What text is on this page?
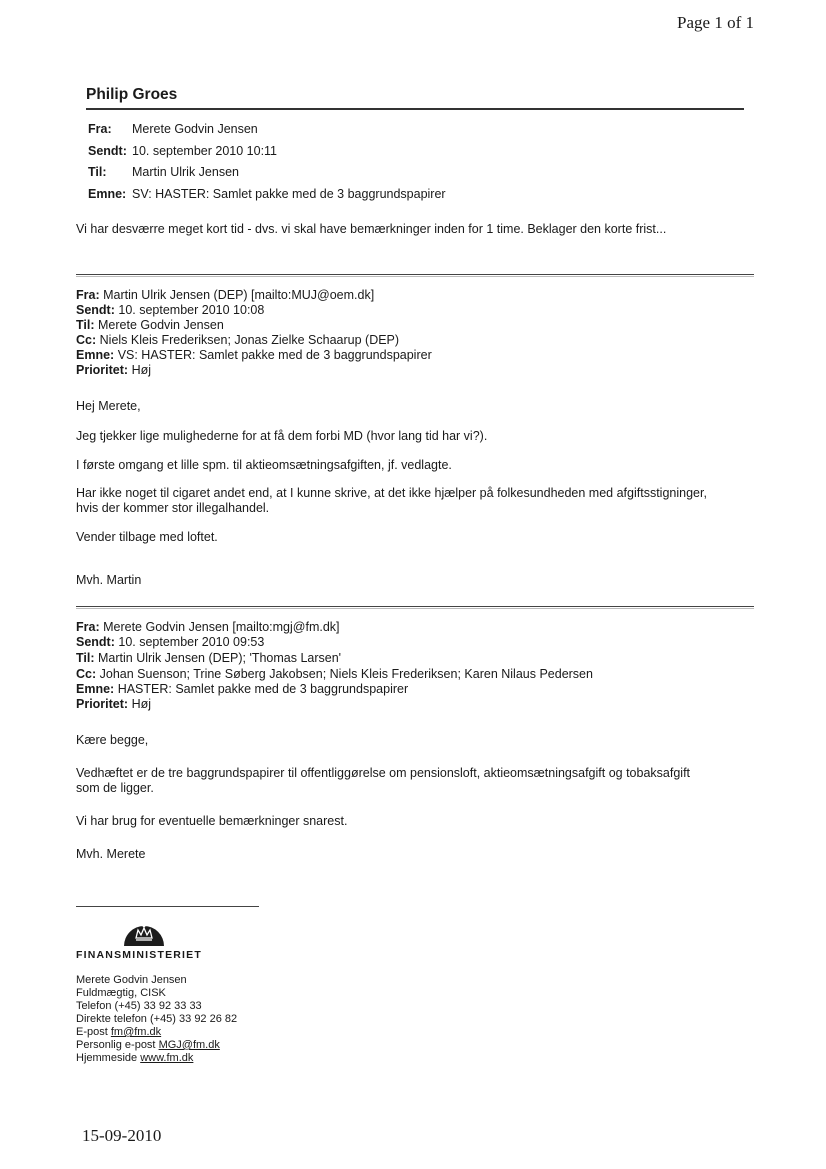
Page 1 of 1
Philip Groes
Fra:	Merete Godvin Jensen
Sendt: 10. september 2010 10:11
Til:	Martin Ulrik Jensen
Emne: SV: HASTER: Samlet pakke med de 3 baggrundspapirer
Vi har desværre meget kort tid - dvs. vi skal have bemærkninger inden for 1 time. Beklager den korte frist...
Fra: Martin Ulrik Jensen (DEP) [mailto:MUJ@oem.dk]
Sendt: 10. september 2010 10:08
Til: Merete Godvin Jensen
Cc: Niels Kleis Frederiksen; Jonas Zielke Schaarup (DEP)
Emne: VS: HASTER: Samlet pakke med de 3 baggrundspapirer
Prioritet: Høj
Hej Merete,
Jeg tjekker lige mulighederne for at få dem forbi MD (hvor lang tid har vi?).
I første omgang et lille spm. til aktieomsætningsafgiften, jf. vedlagte.
Har ikke noget til cigaret andet end, at I kunne skrive, at det ikke hjælper på folkesundheden med afgiftsstigninger,
hvis der kommer stor illegalhandel.
Vender tilbage med loftet.
Mvh. Martin
Fra: Merete Godvin Jensen [mailto:mgj@fm.dk]
Sendt: 10. september 2010 09:53
Til: Martin Ulrik Jensen (DEP); 'Thomas Larsen'
Cc: Johan Suenson; Trine Søberg Jakobsen; Niels Kleis Frederiksen; Karen Nilaus Pedersen
Emne: HASTER: Samlet pakke med de 3 baggrundspapirer
Prioritet: Høj
Kære begge,
Vedhæftet er de tre baggrundspapirer til offentliggørelse om pensionsloft, aktieomsætningsafgift og tobaksafgift
som de ligger.
Vi har brug for eventuelle bemærkninger snarest.
Mvh. Merete
FINANSMINISTERIET
Merete Godvin Jensen
Fuldmægtig, CISK
Telefon (+45) 33 92 33 33
Direkte telefon (+45) 33 92 26 82
E-post fm@fm.dk
Personlig e-post MGJ@fm.dk
Hjemmeside www.fm.dk
15-09-2010
